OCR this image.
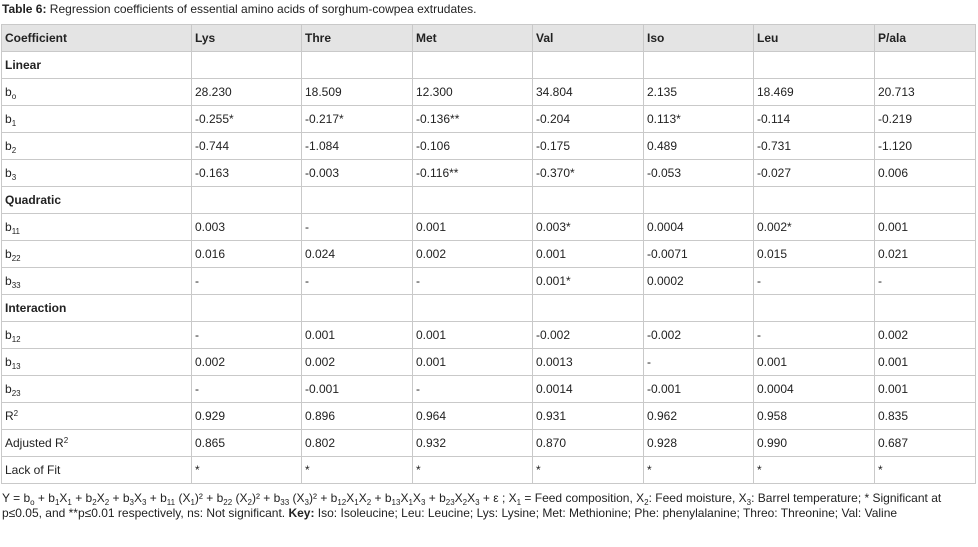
Table 6: Regression coefficients of essential amino acids of sorghum-cowpea extrudates.
Coefficient	Lys	Thre	Met	Val	Iso	Leu	P/ala
Linear							
$b_o$	28.230	18.509	12.300	34.804	2.135	18.469	20.713
$b_1$	-0.255*	-0.217*	-0.136**	-0.204	0.113*	-0.114	-0.219
$b_2$	-0.744	-1.084	-0.106	-0.175	0.489	-0.731	-1.120
$b_3$	-0.163	-0.003	-0.116**	-0.370*	-0.053	-0.027	0.006
Quadratic							
$b_{11}$	0.003	-	0.001	0.003*	0.0004	0.002*	0.001
$b_{22}$	0.016	0.024	0.002	0.001	-0.0071	0.015	0.021
$b_{33}$	-	-	-	0.001*	0.0002	-	-
Interaction							
$b_{12}$	-	0.001	0.001	-0.002	-0.002	-	0.002
$b_{13}$	0.002	0.002	0.001	0.0013	-	0.001	0.001
$b_{23}$	-	-0.001	-	0.0014	-0.001	0.0004	0.001
$R^2$	0.929	0.896	0.964	0.931	0.962	0.958	0.835
Adjusted $R^2$	0.865	0.802	0.932	0.870	0.928	0.990	0.687
Lack of Fit	*	*	*	*	*	*	*
$Y = b_o + b_1X_1 + b_2X_2 + b_3X_3 + b_{11}$ $(X_1)^2 + b_{22}$ $(X_2)^2 + b_{33}$ $(X_3)^2 + b_{12}X_1X_2 + b_{13}X_1X_3 + b_{23}X_2X_3 + \varepsilon$ ; $X_1$ = Feed composition, $X_2$: Feed moisture, $X_3$: Barrel temperature; * Significant at p≤0.05, and **p≤0.01 respectively, ns: Not significant. Key: Iso: Isoleucine; Leu: Leucine; Lys: Lysine; Met: Methionine; Phe: phenylalanine; Threo: Threonine; Val: Valine
